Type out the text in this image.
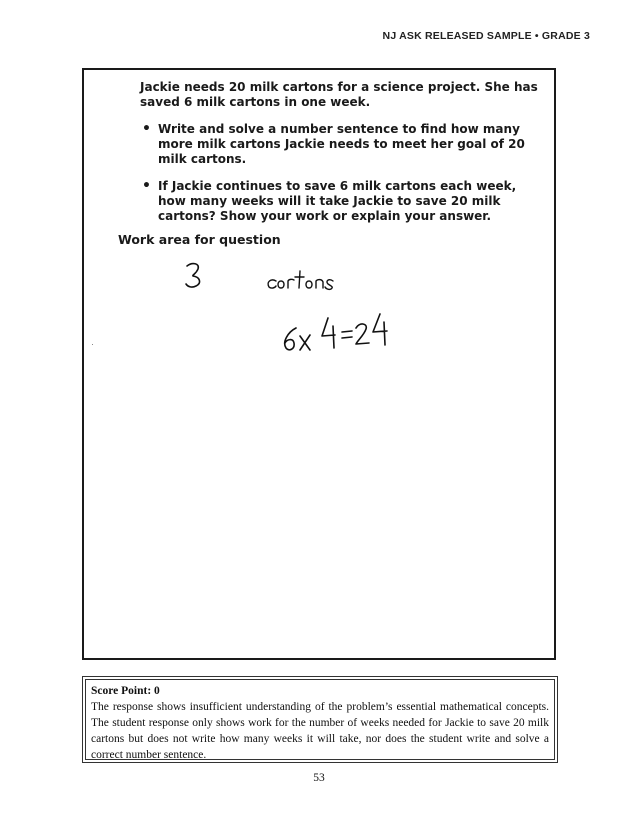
NJ ASK RELEASED SAMPLE • GRADE 3

Jackie needs 20 milk cartons for a science project. She has saved 6 milk cartons in one week.

• Write and solve a number sentence to find how many more milk cartons Jackie needs to meet her goal of 20 milk cartons.
• If Jackie continues to save 6 milk cartons each week, how many weeks will it take Jackie to save 20 milk cartons? Show your work or explain your answer.
Work area for question
Score Point: 0
The response shows insufficient understanding of the problem’s essential mathematical concepts. The student response only shows work for the number of weeks needed for Jackie to save 20 milk cartons but does not write how many weeks it will take, nor does the student write and solve a correct number sentence.
53
